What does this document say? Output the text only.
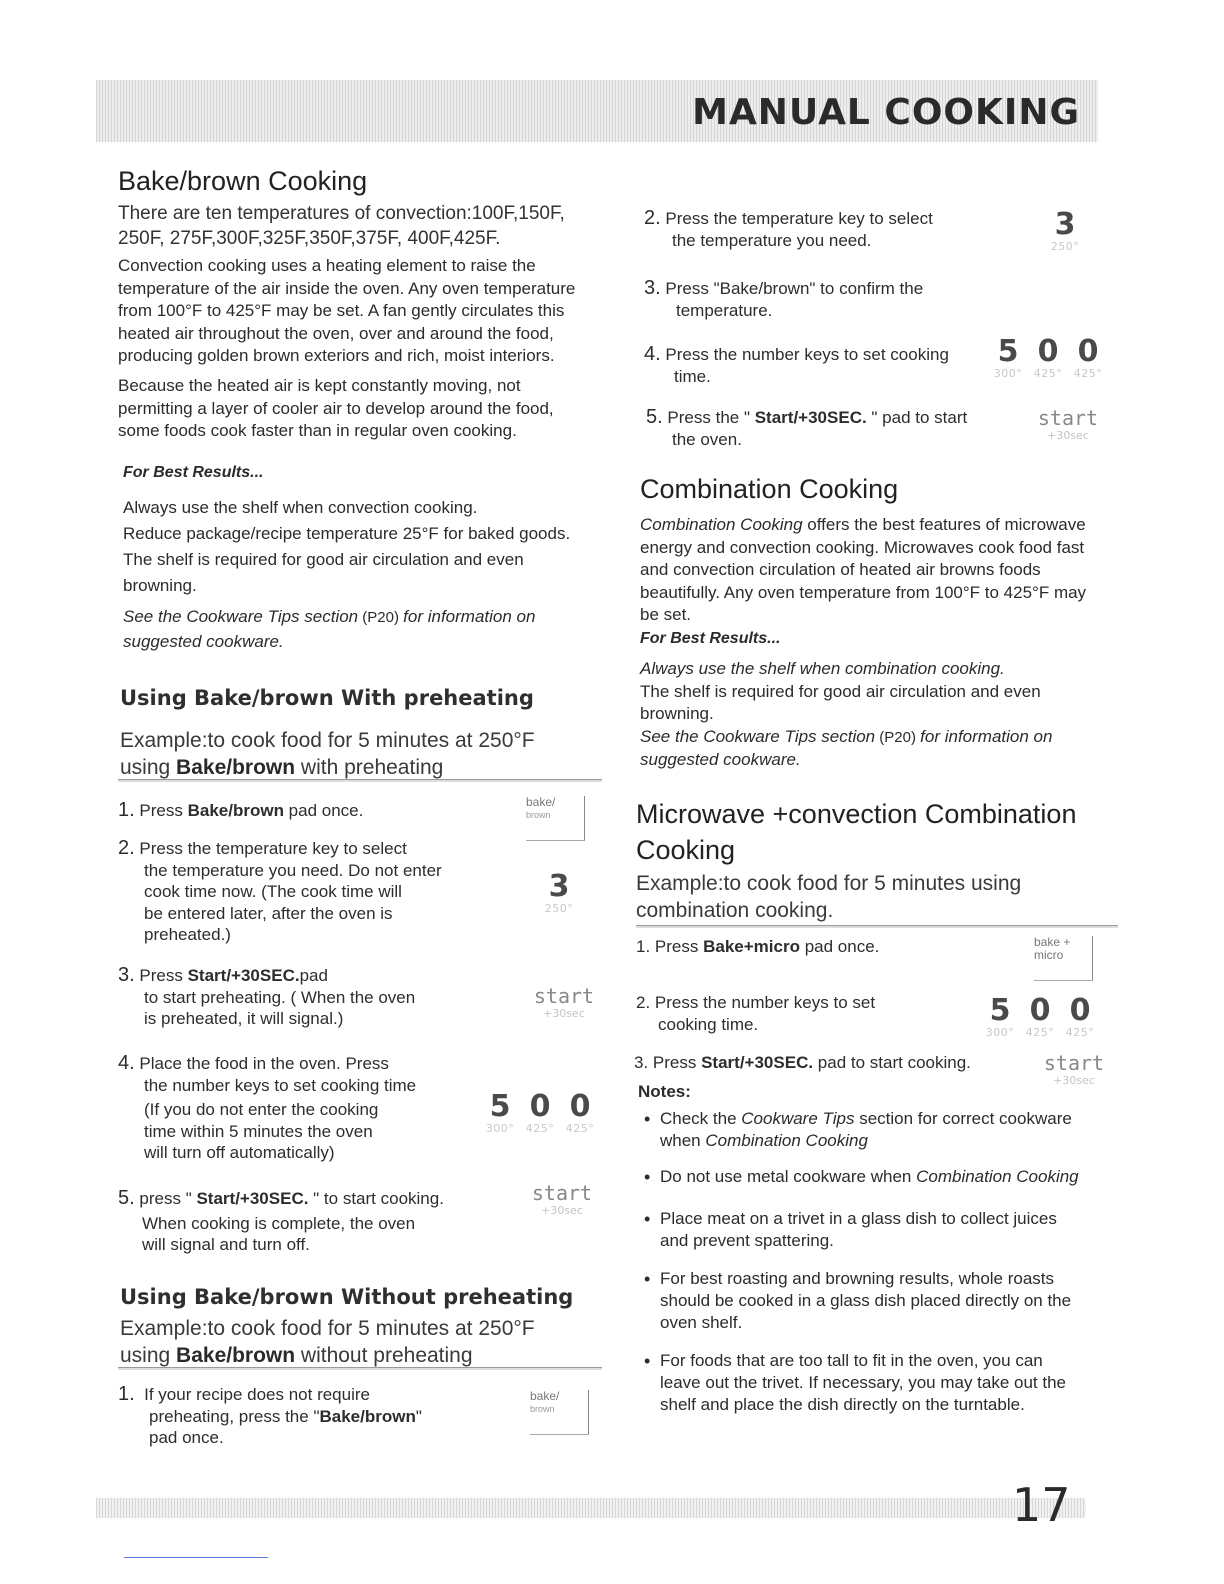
MANUAL COOKING
Bake/brown Cooking
There are ten temperatures of convection:100F,150F,
250F, 275F,300F,325F,350F,375F, 400F,425F.
Convection cooking uses a heating element to raise the
temperature of the air inside the oven. Any oven temperature
from 100°F to 425°F may be set. A fan gently circulates this
heated air throughout the oven, over and around the food,
producing golden brown exteriors and rich, moist interiors.
Because the heated air is kept constantly moving, not
permitting a layer of cooler air to develop around the food,
some foods cook faster than in regular oven cooking.
For Best Results...
Always use the shelf when convection cooking.
Reduce package/recipe temperature 25°F for baked goods.
The shelf is required for good air circulation and even
browning.
See the Cookware Tips section (P20) for information on
suggested cookware.
Using Bake/brown With preheating
Example:to cook food for 5 minutes at 250°F
using Bake/brown with preheating
1. Press Bake/brown pad once.
2. Press the temperature key to select
the temperature you need. Do not enter
cook time now. (The cook time will
be entered later, after the oven is
preheated.)
3. Press Start/+30SEC.pad
to start preheating. ( When the oven
is preheated, it will signal.)
4. Place the food in the oven. Press
the number keys to set cooking time
(If you do not enter the cooking
time within 5 minutes the oven
will turn off automatically)
5. press " Start/+30SEC. " to start cooking.
When cooking is complete, the oven
will signal and turn off.
bake/
brown
3
250°
start
+30sec
5 0 0
300° 425° 425°
start
+30sec
Using Bake/brown Without preheating
Example:to cook food for 5 minutes at 250°F
using Bake/brown without preheating
1. If your recipe does not require
preheating, press the "Bake/brown"
pad once.
bake/
brown
2. Press the temperature key to select
the temperature you need.
3. Press "Bake/brown" to confirm the
temperature.
4. Press the number keys to set cooking
time.
5. Press the " Start/+30SEC. " pad to start
the oven.
3
250°
5 0 0
300° 425° 425°
start
+30sec
Combination Cooking
Combination Cooking offers the best features of microwave
energy and convection cooking. Microwaves cook food fast
and convection circulation of heated air browns foods
beautifully. Any oven temperature from 100°F to 425°F may
be set.
For Best Results...
Always use the shelf when combination cooking.
The shelf is required for good air circulation and even
browning.
See the Cookware Tips section (P20) for information on
suggested cookware.
Microwave +convection Combination
Cooking
Example:to cook food for 5 minutes using
combination cooking.
1. Press Bake+micro pad once.	bake +
micro
2. Press the number keys to set
cooking time.	5 0 0
300° 425° 425°
3. Press Start/+30SEC. pad to start cooking.	start
+30sec
Notes:
• Check the Cookware Tips section for correct cookware
when Combination Cooking
• Do not use metal cookware when Combination Cooking
• Place meat on a trivet in a glass dish to collect juices
and prevent spattering.
• For best roasting and browning results, whole roasts
should be cooked in a glass dish placed directly on the
oven shelf.
• For foods that are too tall to fit in the oven, you can
leave out the trivet. If necessary, you may take out the
shelf and place the dish directly on the turntable.
17
